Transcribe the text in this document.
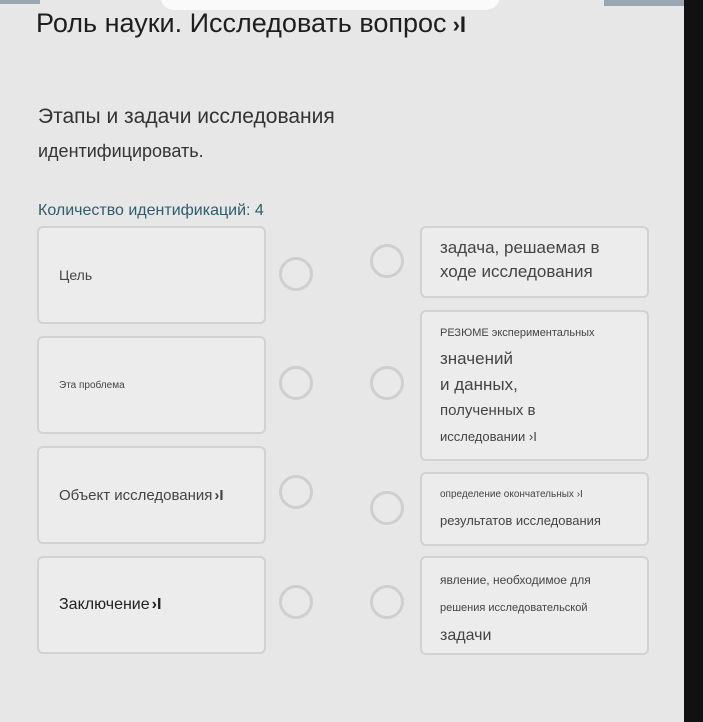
Роль науки. Исследовать вопрос ›I
Этапы и задачи исследования
идентифицировать.
Количество идентификаций: 4
Цель
Эта проблема
Объект исследования ›I
Заключение ›I
задача, решаемая в
ходе исследования
РЕЗЮМЕ экспериментальных
значений
и данных,
полученных в
исследовании ›I
определение окончательных ›I
результатов исследования
явление, необходимое для
решения исследовательской
задачи
